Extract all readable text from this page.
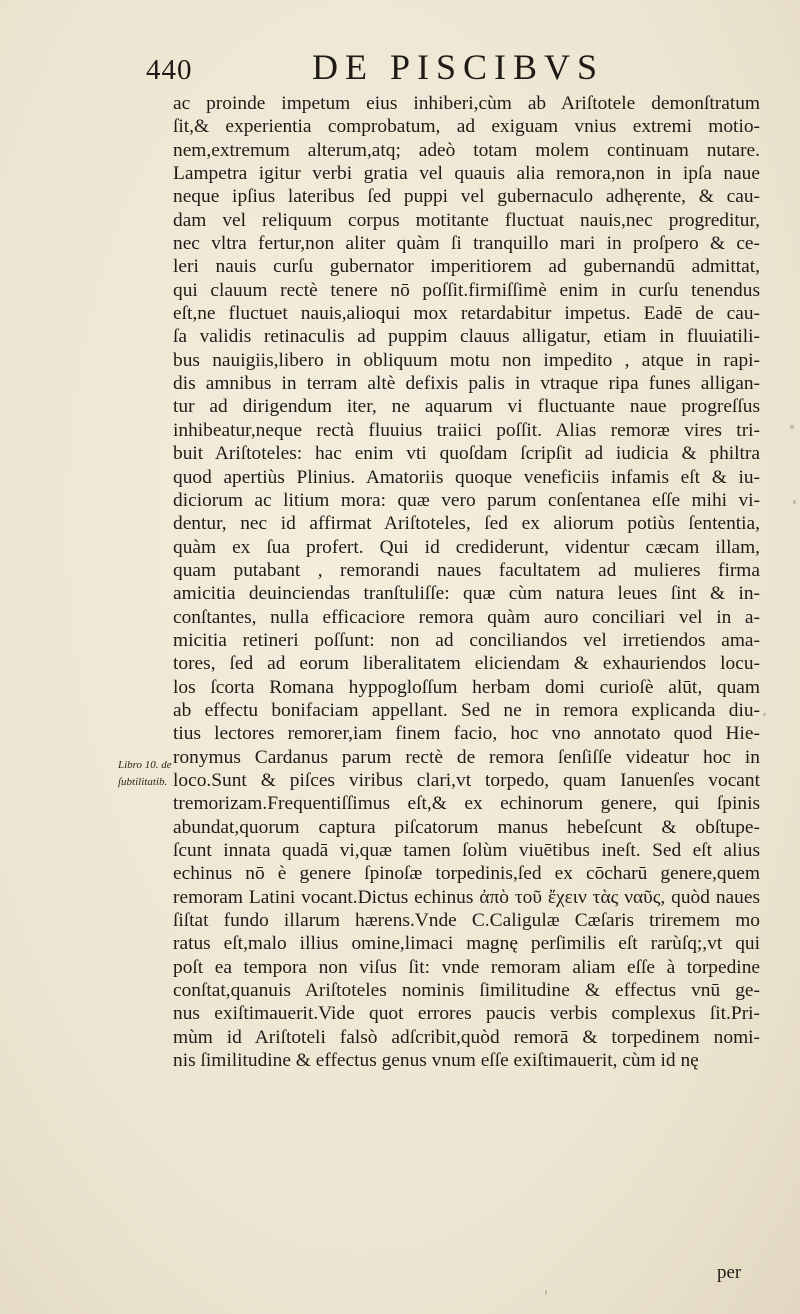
440	DE PISCIBVS
ac proinde impetum eius inhiberi,cùm ab Ariſtotele demonſtratum
ſit,& experientia comprobatum, ad exiguam vnius extremi motio-
nem,extremum alterum,atq; adeò totam molem continuam nutare.
Lampetra igitur verbi gratia vel quauis alia remora,non in ipſa naue
neque ipſius lateribus ſed puppi vel gubernaculo adhęrente, & cau-
dam vel reliquum corpus motitante fluctuat nauis,nec progreditur,
nec vltra fertur,non aliter quàm ſi tranquillo mari in proſpero & ce-
leri nauis curſu gubernator imperitiorem ad gubernandū admittat,
qui clauum rectè tenere nō poſſit.firmiſſimè enim in curſu tenendus
eſt,ne fluctuet nauis,alioqui mox retardabitur impetus. Eadē de cau-
ſa validis retinaculis ad puppim clauus alligatur, etiam in fluuiatili-
bus nauigiis,libero in obliquum motu non impedito , atque in rapi-
dis amnibus in terram altè defixis palis in vtraque ripa funes alligan-
tur ad dirigendum iter, ne aquarum vi fluctuante naue progreſſus
inhibeatur,neque rectà fluuius traiici poſſit. Alias remoræ vires tri-
buit Ariſtoteles: hac enim vti quoſdam ſcripſit ad iudicia & philtra
quod apertiùs Plinius. Amatoriis quoque veneficiis infamis eſt & iu-
diciorum ac litium mora: quæ vero parum conſentanea eſſe mihi vi-
dentur, nec id affirmat Ariſtoteles, ſed ex aliorum potiùs ſententia,
quàm ex ſua profert. Qui id crediderunt, videntur cæcam illam,
quam putabant , remorandi naues facultatem ad mulieres firma
amicitia deuinciendas tranſtuliſſe: quæ cùm natura leues ſint & in-
conſtantes, nulla efficaciore remora quàm auro conciliari vel in a-
micitia retineri poſſunt: non ad conciliandos vel irretiendos ama-
tores, ſed ad eorum liberalitatem eliciendam & exhauriendos locu-
los ſcorta Romana hyppogloſſum herbam domi curioſè alūt, quam
ab effectu bonifaciam appellant. Sed ne in remora explicanda diu-
tius lectores remorer,iam finem facio, hoc vno annotato quod Hie-
ronymus Cardanus parum rectè de remora ſenſiſſe videatur hoc in
loco.Sunt & piſces viribus clari,vt torpedo, quam Ianuenſes vocant
tremorizam.Frequentiſſimus eſt,& ex echinorum genere, qui ſpinis
abundat,quorum captura piſcatorum manus hebeſcunt & obſtupe-
ſcunt innata quadā vi,quæ tamen ſolùm viuētibus ineſt. Sed eſt alius
echinus nō è genere ſpinoſæ torpedinis,ſed ex cōcharū genere,quem
remoram Latini vocant.Dictus echinus ἀπὸ τοῦ ἔχειν τὰς ναῦς, quòd naues
ſiſtat fundo illarum hærens.Vnde C.Caligulæ Cæſaris triremem mo
ratus eſt,malo illius omine,limaci magnę perſimilis eſt rarùſq;,vt qui
poſt ea tempora non viſus ſit: vnde remoram aliam eſſe à torpedine
conſtat,quanuis Ariſtoteles nominis ſimilitudine & effectus vnū ge-
nus exiſtimauerit.Vide quot errores paucis verbis complexus ſit.Pri-
mùm id Ariſtoteli falsò adſcribit,quòd remorā & torpedinem nomi-
nis ſimilitudine & effectus genus vnum eſſe exiſtimauerit, cùm id nę
Libro 10. de
ſubtilitatib.
per
